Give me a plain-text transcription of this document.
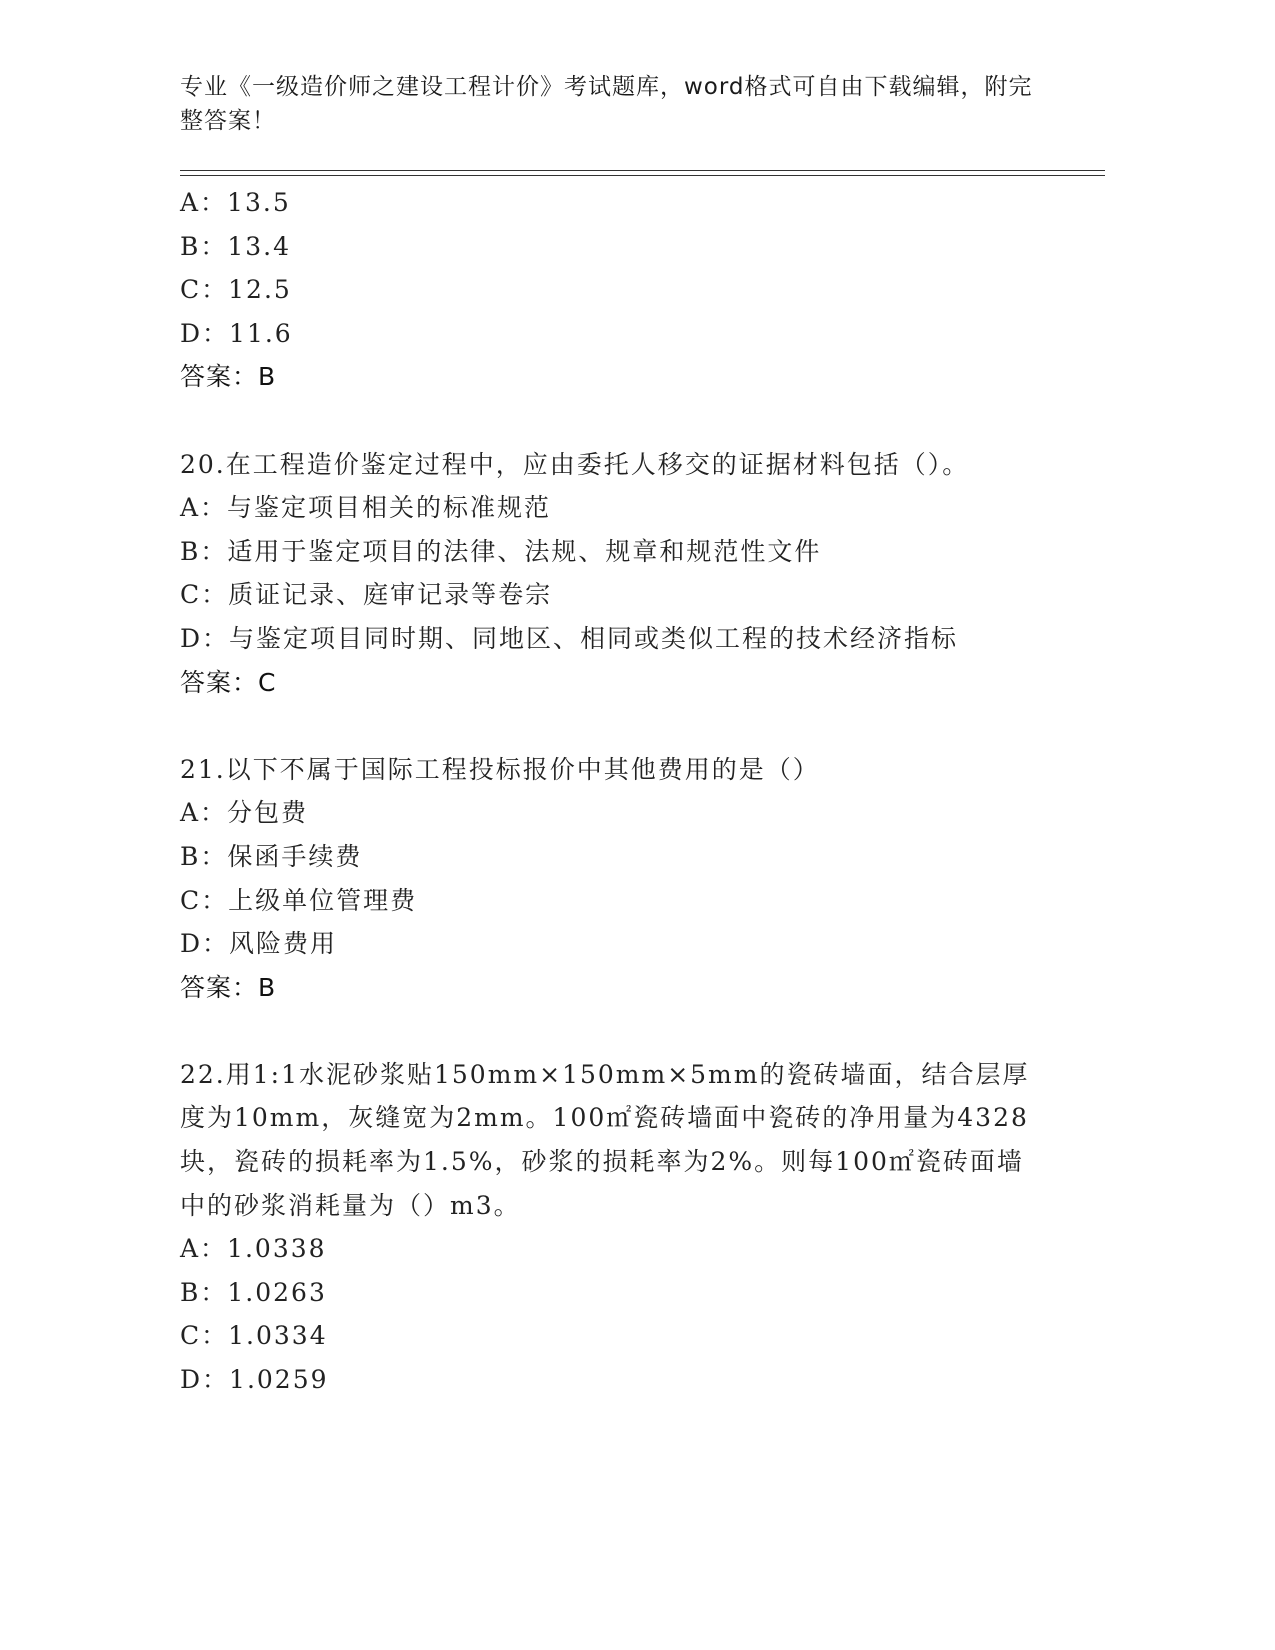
专业《一级造价师之建设工程计价》考试题库，word格式可自由下载编辑，附完整答案！
A：13.5
B：13.4
C：12.5
D：11.6
答案：B
20.在工程造价鉴定过程中，应由委托人移交的证据材料包括（）。
A：与鉴定项目相关的标准规范
B：适用于鉴定项目的法律、法规、规章和规范性文件
C：质证记录、庭审记录等卷宗
D：与鉴定项目同时期、同地区、相同或类似工程的技术经济指标
答案：C
21.以下不属于国际工程投标报价中其他费用的是（）
A：分包费
B：保函手续费
C：上级单位管理费
D：风险费用
答案：B
22.用1:1水泥砂浆贴150mm×150mm×5mm的瓷砖墙面，结合层厚度为10mm，灰缝宽为2mm。100㎡瓷砖墙面中瓷砖的净用量为4328块，瓷砖的损耗率为1.5%，砂浆的损耗率为2%。则每100㎡瓷砖面墙中的砂浆消耗量为（）m3。
A：1.0338
B：1.0263
C：1.0334
D：1.0259
